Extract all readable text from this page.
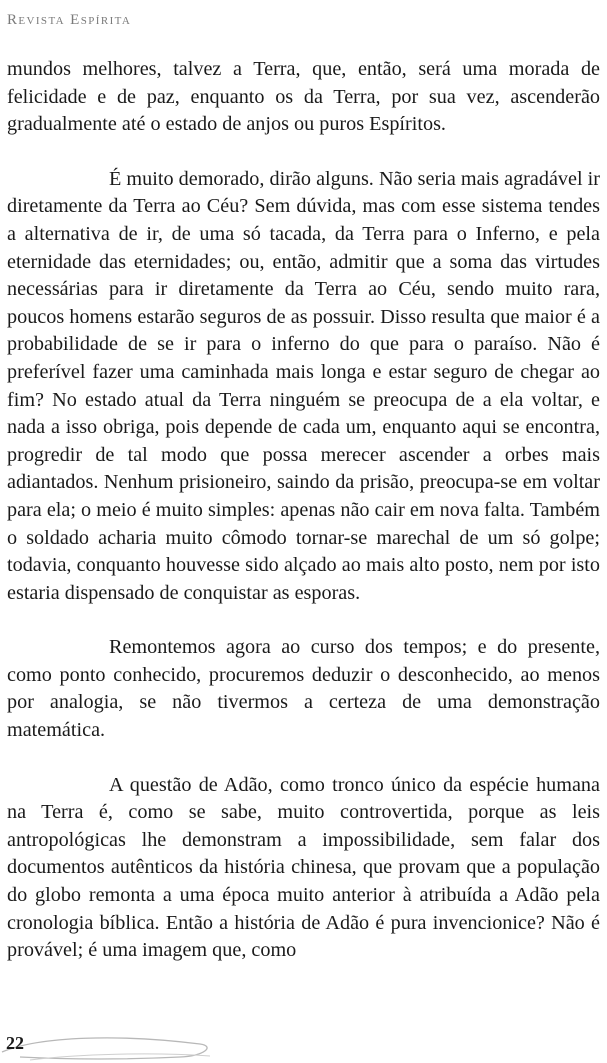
Revista Espírita

mundos melhores, talvez a Terra, que, então, será uma morada de felicidade e de paz, enquanto os da Terra, por sua vez, ascenderão gradualmente até o estado de anjos ou puros Espíritos.

É muito demorado, dirão alguns. Não seria mais agradável ir diretamente da Terra ao Céu? Sem dúvida, mas com esse sistema tendes a alternativa de ir, de uma só tacada, da Terra para o Inferno, e pela eternidade das eternidades; ou, então, admitir que a soma das virtudes necessárias para ir diretamente da Terra ao Céu, sendo muito rara, poucos homens estarão seguros de as possuir. Disso resulta que maior é a probabilidade de se ir para o inferno do que para o paraíso. Não é preferível fazer uma caminhada mais longa e estar seguro de chegar ao fim? No estado atual da Terra ninguém se preocupa de a ela voltar, e nada a isso obriga, pois depende de cada um, enquanto aqui se encontra, progredir de tal modo que possa merecer ascender a orbes mais adiantados. Nenhum prisioneiro, saindo da prisão, preocupa-se em voltar para ela; o meio é muito simples: apenas não cair em nova falta. Também o soldado acharia muito cômodo tornar-se marechal de um só golpe; todavia, conquanto houvesse sido alçado ao mais alto posto, nem por isto estaria dispensado de conquistar as esporas.

Remontemos agora ao curso dos tempos; e do presente, como ponto conhecido, procuremos deduzir o desconhecido, ao menos por analogia, se não tivermos a certeza de uma demonstração matemática.

A questão de Adão, como tronco único da espécie humana na Terra é, como se sabe, muito controvertida, porque as leis antropológicas lhe demonstram a impossibilidade, sem falar dos documentos autênticos da história chinesa, que provam que a população do globo remonta a uma época muito anterior à atribuída a Adão pela cronologia bíblica. Então a história de Adão é pura invencionice? Não é provável; é uma imagem que, como

22
